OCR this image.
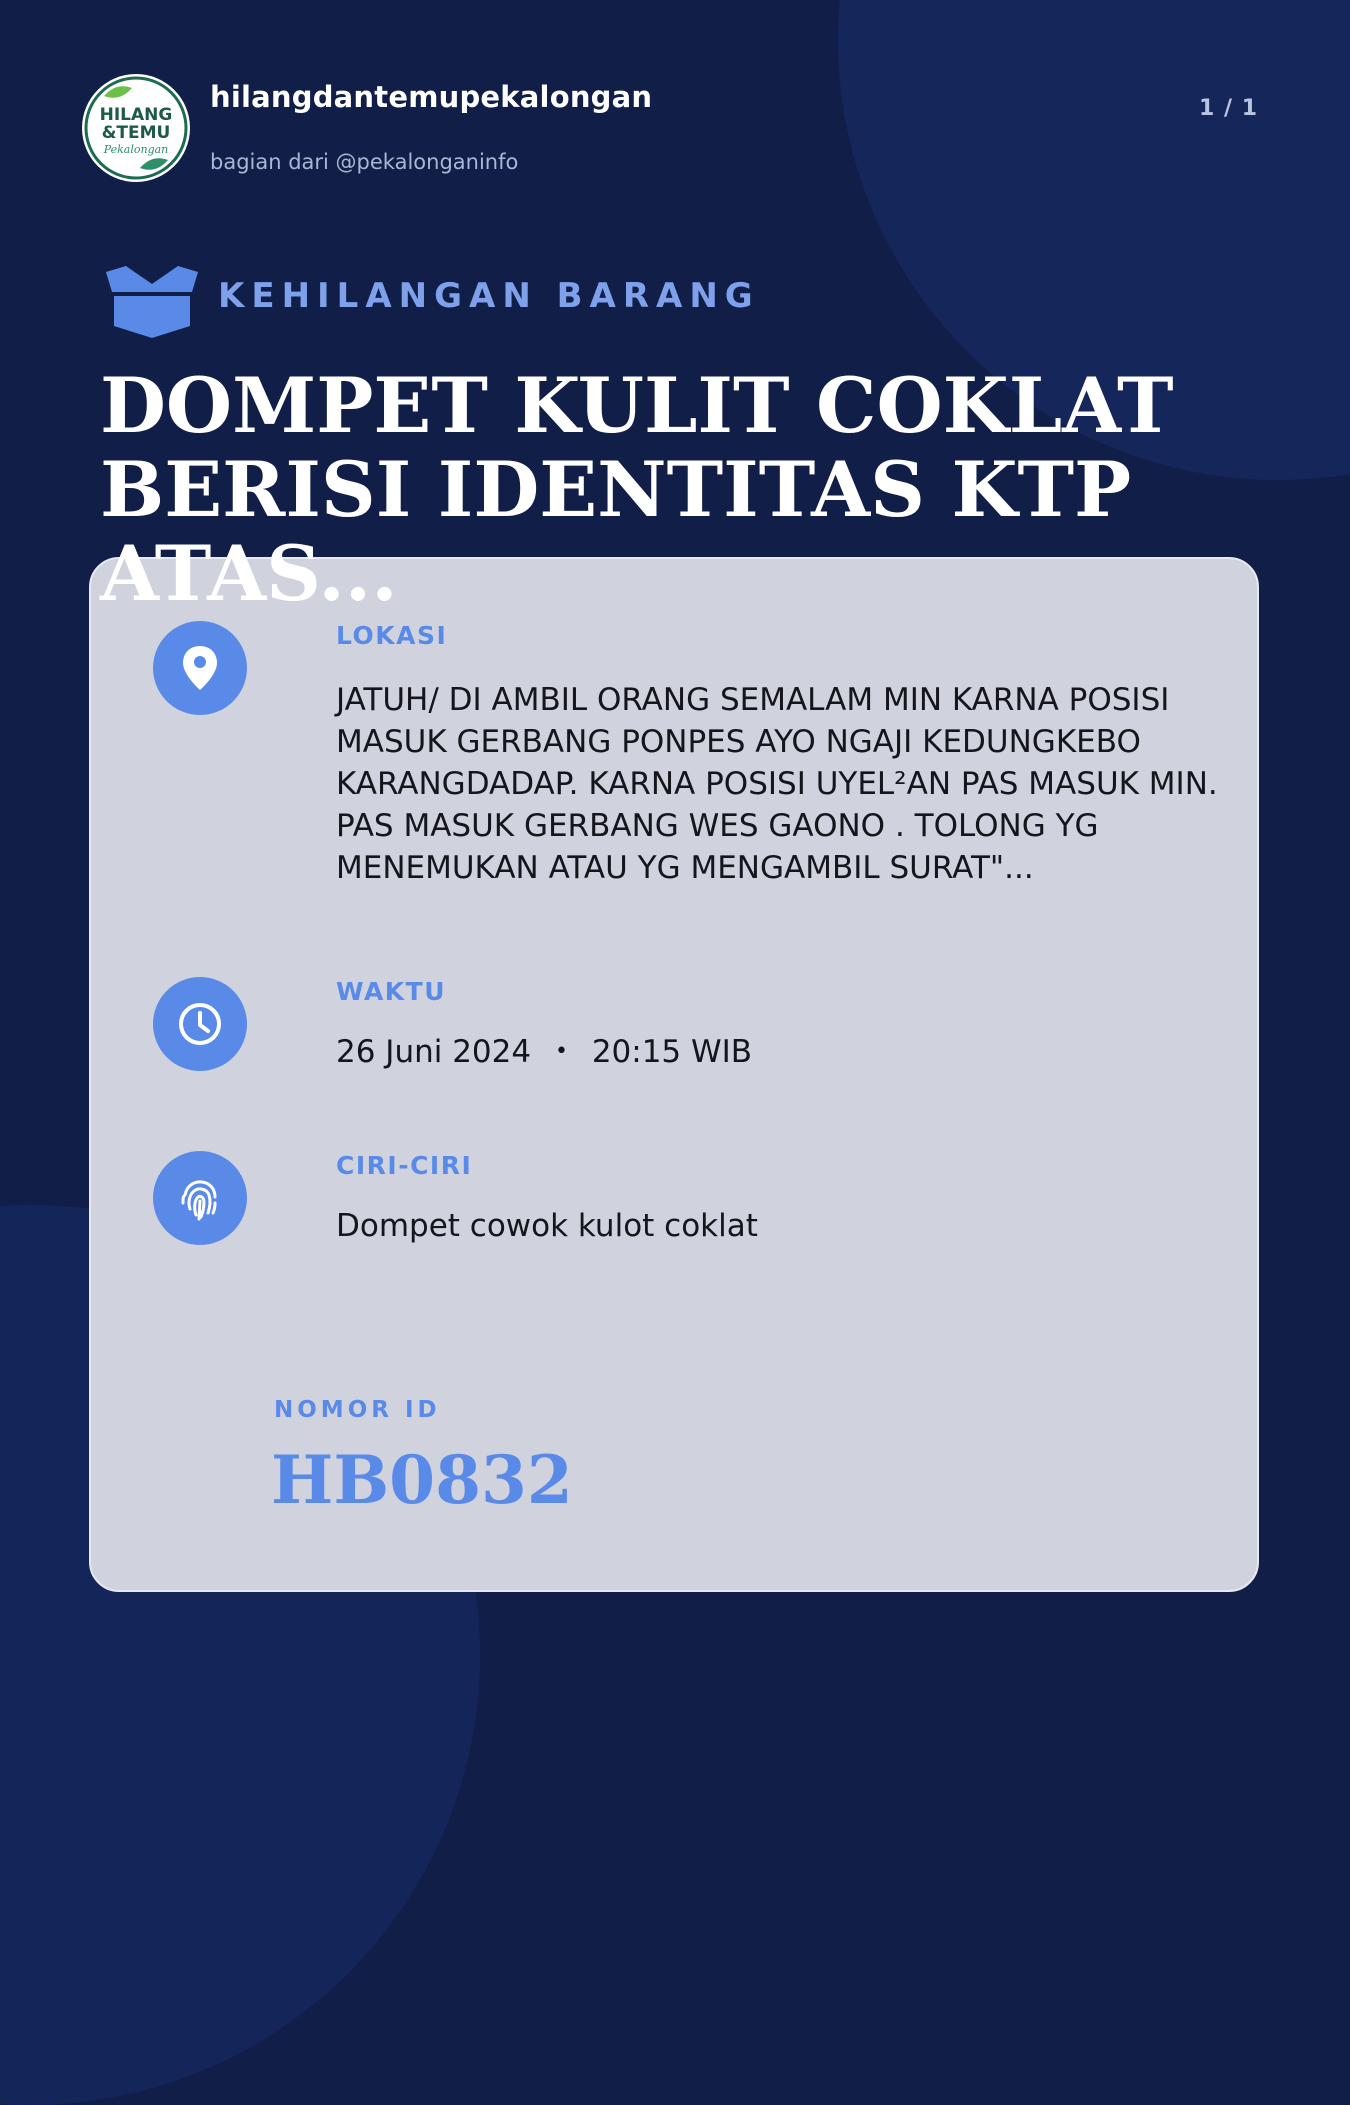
HILANG
&TEMU
Pekalongan
hilangdantemupekalongan
bagian dari @pekalonganinfo
1 / 1
KEHILANGAN BARANG
DOMPET KULIT COKLAT BERISI IDENTITAS KTP ATAS...
LOKASI

JATUH/ DI AMBIL ORANG SEMALAM MIN KARNA POSISI MASUK GERBANG PONPES AYO NGAJI KEDUNGKEBO KARANGDADAP. KARNA POSISI UYEL²AN PAS MASUK MIN. PAS MASUK GERBANG WES GAONO . TOLONG YG MENEMUKAN ATAU YG MENGAMBIL SURAT"...

WAKTU
26 Juni 2024 • 20:15 WIB
CIRI-CIRI

Dompet cowok kulot coklat

NOMOR ID
HB0832
